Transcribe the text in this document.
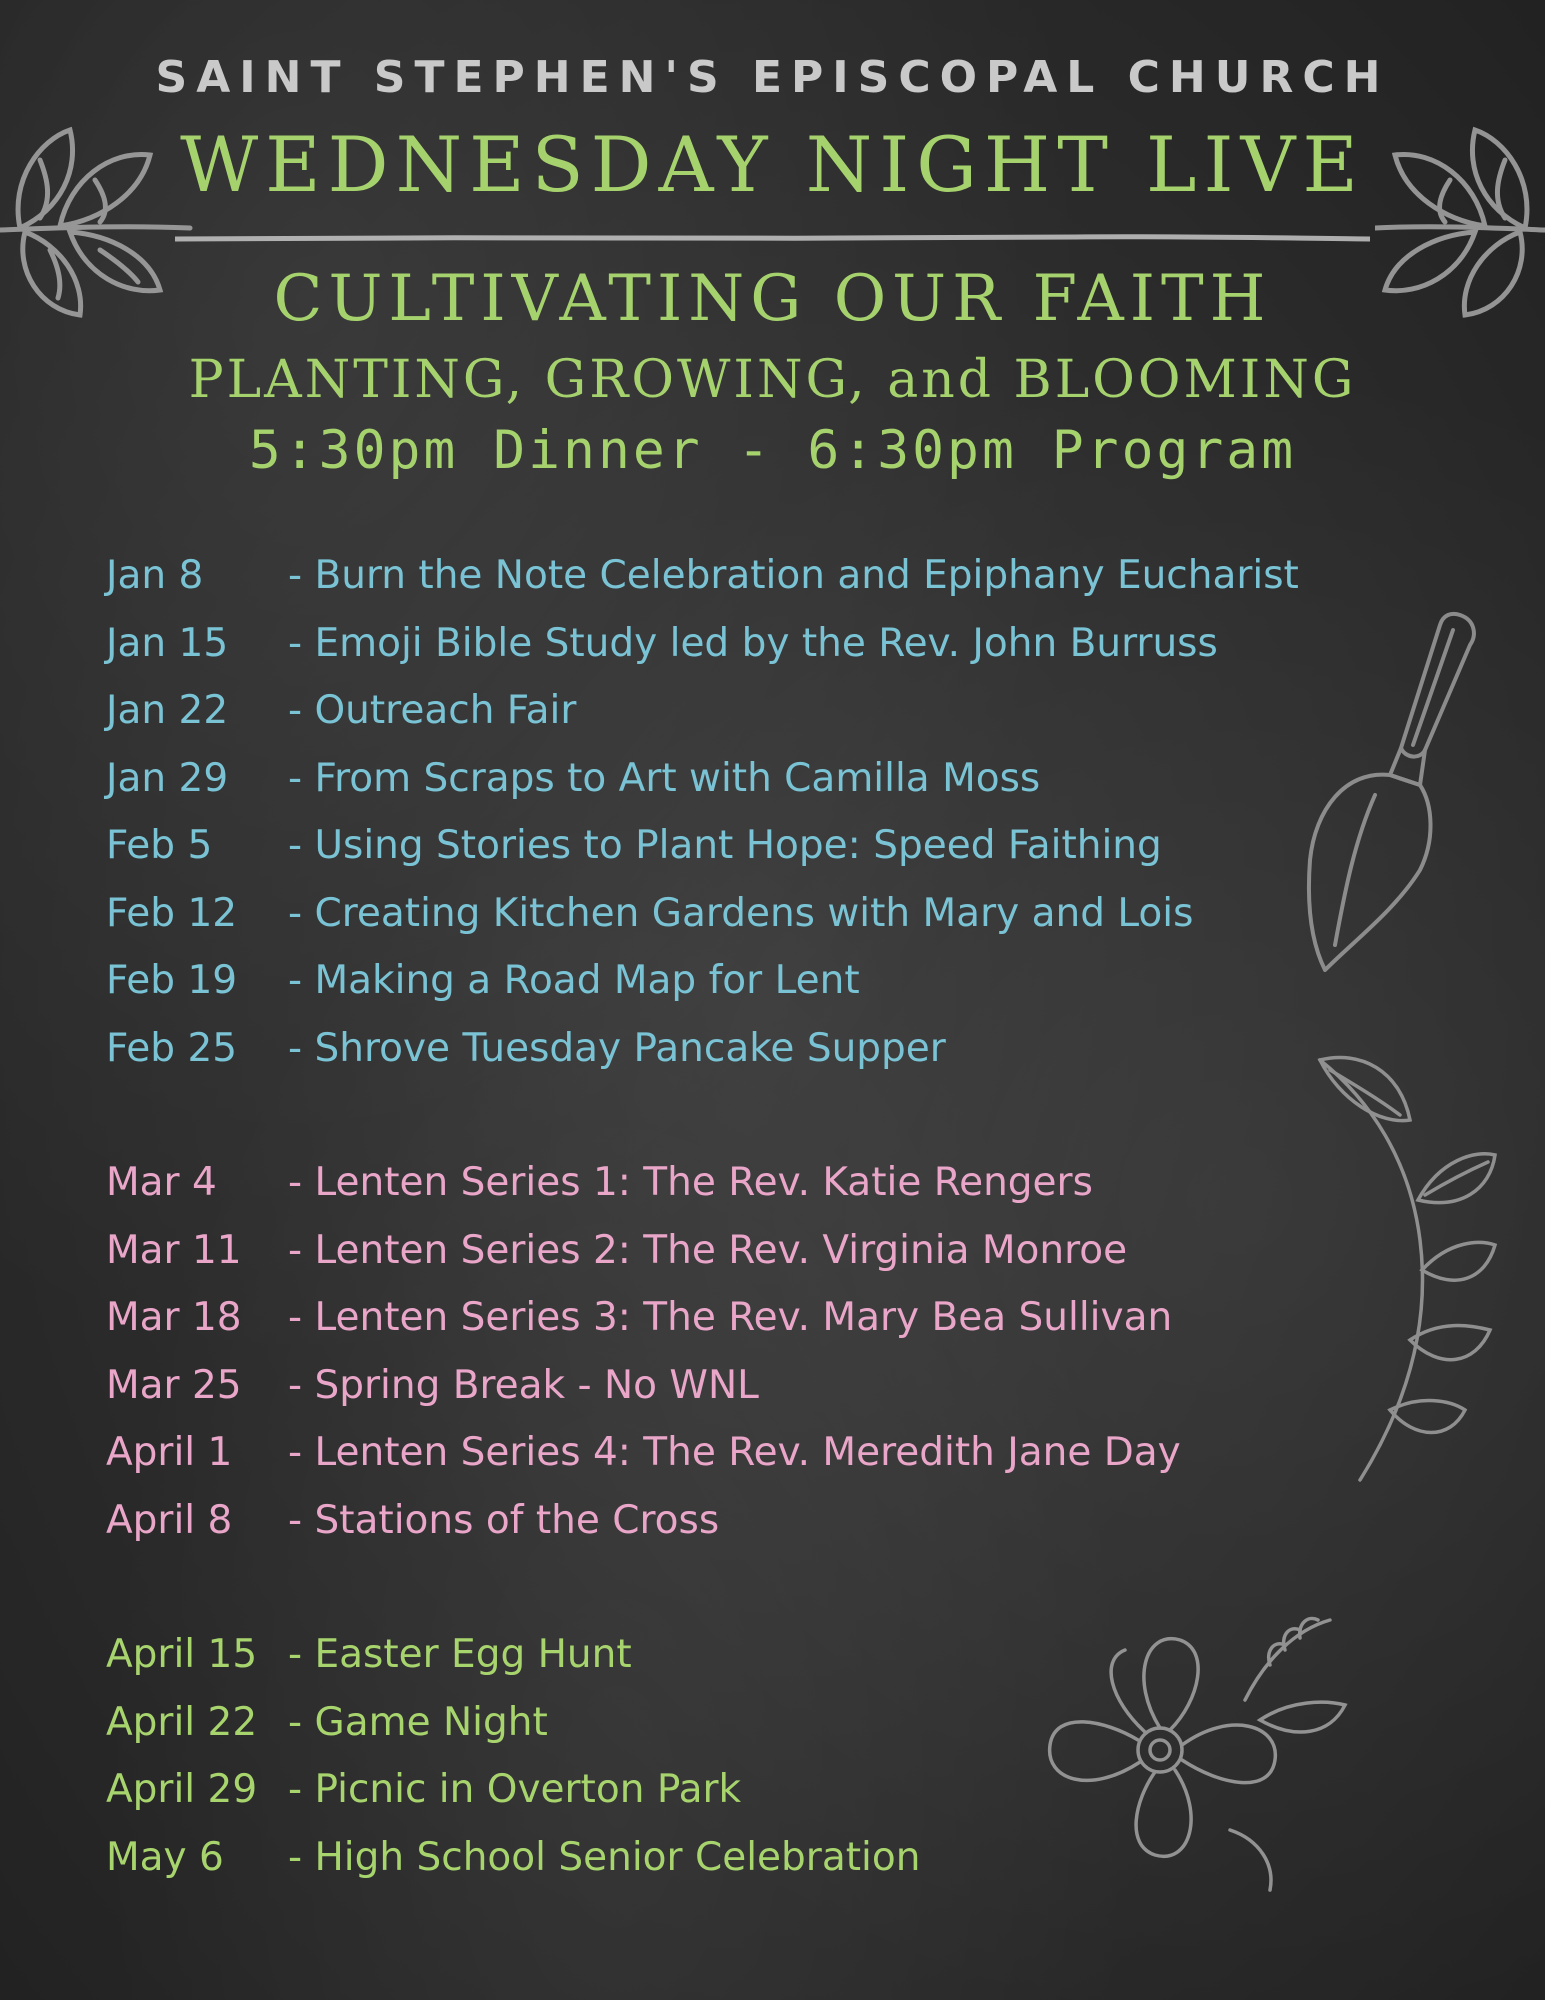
SAINT STEPHEN'S EPISCOPAL CHURCH
WEDNESDAY NIGHT LIVE
CULTIVATING OUR FAITH
PLANTING, GROWING, and BLOOMING
5:30pm Dinner - 6:30pm Program
Jan 8	- Burn the Note Celebration and Epiphany Eucharist
Jan 15	- Emoji Bible Study led by the Rev. John Burruss
Jan 22	- Outreach Fair
Jan 29	- From Scraps to Art with Camilla Moss
Feb 5	- Using Stories to Plant Hope: Speed Faithing
Feb 12	- Creating Kitchen Gardens with Mary and Lois
Feb 19	- Making a Road Map for Lent
Feb 25	- Shrove Tuesday Pancake Supper
Mar 4	- Lenten Series 1: The Rev. Katie Rengers
Mar 11	- Lenten Series 2: The Rev. Virginia Monroe
Mar 18	- Lenten Series 3: The Rev. Mary Bea Sullivan
Mar 25	- Spring Break - No WNL
April 1	- Lenten Series 4: The Rev. Meredith Jane Day
April 8	- Stations of the Cross
April 15 - Easter Egg Hunt
April 22 - Game Night
April 29 - Picnic in Overton Park
May 6	- High School Senior Celebration
